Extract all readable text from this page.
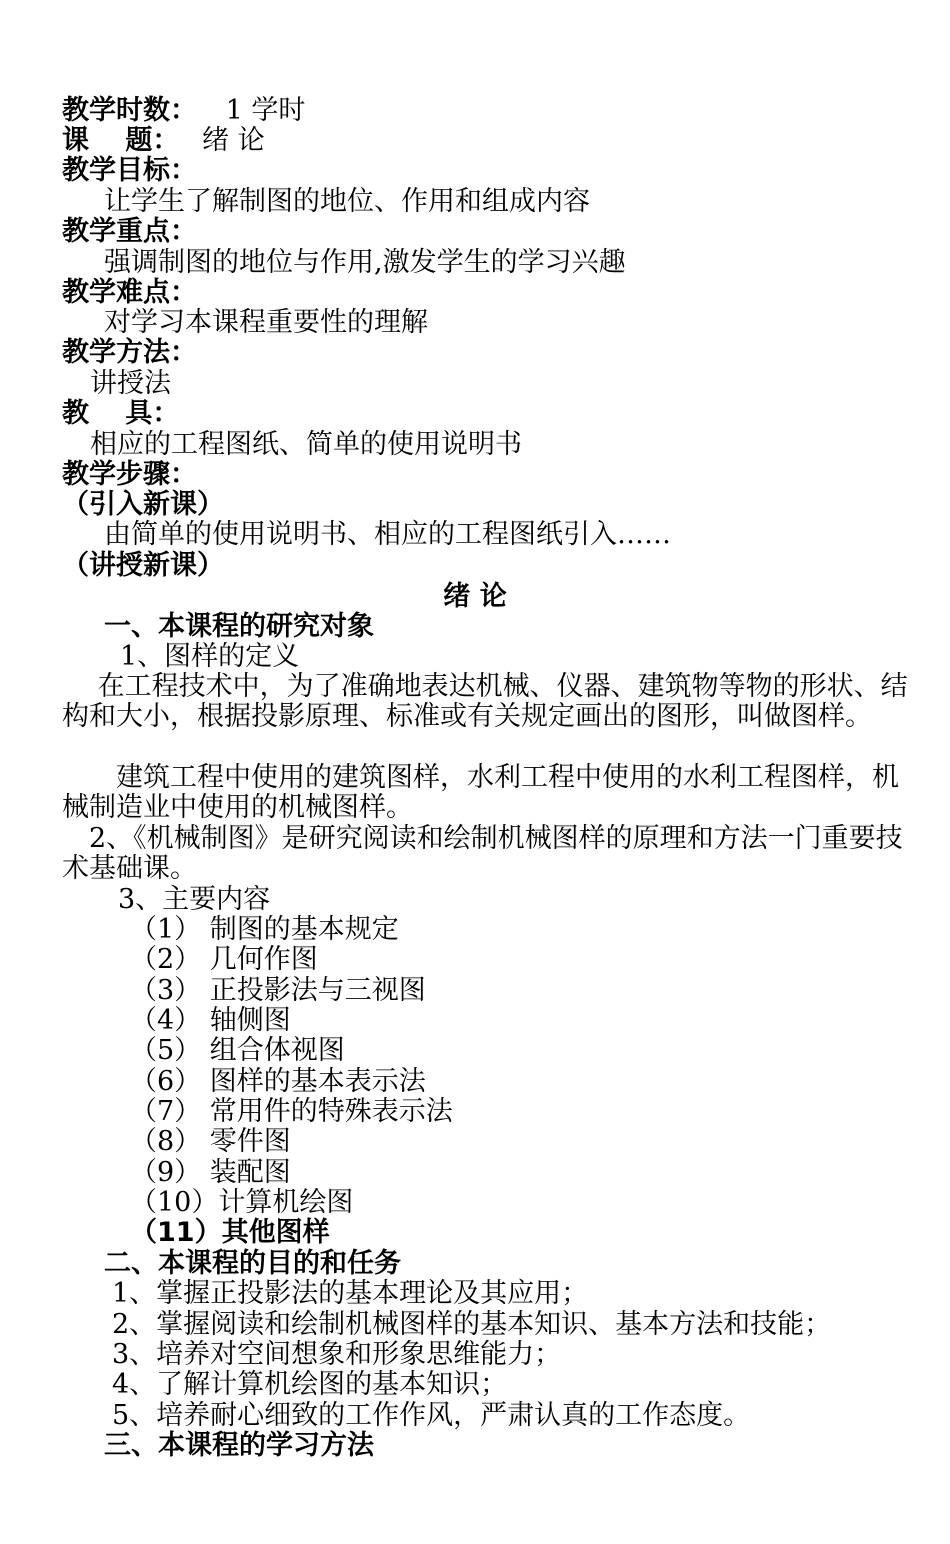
教学时数： 1 学时
课　 题： 绪 论
教学目标：
让学生了解制图的地位、作用和组成内容
教学重点：
强调制图的地位与作用,激发学生的学习兴趣
教学难点：
对学习本课程重要性的理解
教学方法：
讲授法
教　 具：
相应的工程图纸、简单的使用说明书
教学步骤：
（引入新课）
由简单的使用说明书、相应的工程图纸引入……
（讲授新课）
绪 论
一、本课程的研究对象
1、图样的定义
　 在工程技术中，为了准确地表达机械、仪器、建筑物等物的形状、结构和大小，根据投影原理、标准或有关规定画出的图形，叫做图样。
　　建筑工程中使用的建筑图样，水利工程中使用的水利工程图样，机械制造业中使用的机械图样。
　2、《机械制图》是研究阅读和绘制机械图样的原理和方法一门重要技术基础课。
3、主要内容
（1） 制图的基本规定
（2） 几何作图
（3） 正投影法与三视图
（4） 轴侧图
（5） 组合体视图
（6） 图样的基本表示法
（7） 常用件的特殊表示法
（8） 零件图
（9） 装配图
（10）计算机绘图
（11）其他图样
二、本课程的目的和任务
1、掌握正投影法的基本理论及其应用；
2、掌握阅读和绘制机械图样的基本知识、基本方法和技能；
3、培养对空间想象和形象思维能力；
4、了解计算机绘图的基本知识；
5、培养耐心细致的工作作风，严肃认真的工作态度。
三、本课程的学习方法
